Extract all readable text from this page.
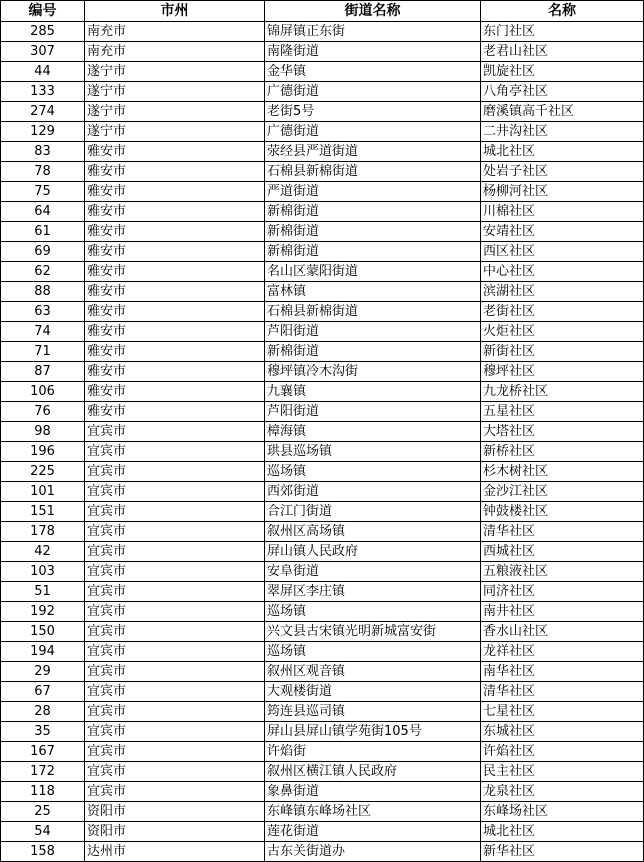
编号	市州	街道名称	名称
285	南充市	锦屏镇正东街	东门社区
307	南充市	南隆街道	老君山社区
44	遂宁市	金华镇	凯旋社区
133	遂宁市	广德街道	八角亭社区
274	遂宁市	老街5号	磨溪镇高千社区
129	遂宁市	广德街道	二井沟社区
83	雅安市	荥经县严道街道	城北社区
78	雅安市	石棉县新棉街道	处岩子社区
75	雅安市	严道街道	杨柳河社区
64	雅安市	新棉街道	川棉社区
61	雅安市	新棉街道	安靖社区
69	雅安市	新棉街道	西区社区
62	雅安市	名山区蒙阳街道	中心社区
88	雅安市	富林镇	滨湖社区
63	雅安市	石棉县新棉街道	老街社区
74	雅安市	芦阳街道	火炬社区
71	雅安市	新棉街道	新街社区
87	雅安市	穆坪镇冷木沟街	穆坪社区
106	雅安市	九襄镇	九龙桥社区
76	雅安市	芦阳街道	五星社区
98	宜宾市	樟海镇	大塔社区
196	宜宾市	珙县巡场镇	新桥社区
225	宜宾市	巡场镇	杉木树社区
101	宜宾市	西郊街道	金沙江社区
151	宜宾市	合江门街道	钟鼓楼社区
178	宜宾市	叙州区高场镇	清华社区
42	宜宾市	屏山镇人民政府	西城社区
103	宜宾市	安阜街道	五粮液社区
51	宜宾市	翠屏区李庄镇	同济社区
192	宜宾市	巡场镇	南井社区
150	宜宾市	兴文县古宋镇光明新城富安街	香水山社区
194	宜宾市	巡场镇	龙祥社区
29	宜宾市	叙州区观音镇	南华社区
67	宜宾市	大观楼街道	清华社区
28	宜宾市	筠连县巡司镇	七星社区
35	宜宾市	屏山县屏山镇学苑街105号	东城社区
167	宜宾市	许焰街	许焰社区
172	宜宾市	叙州区横江镇人民政府	民主社区
118	宜宾市	象鼻街道	龙泉社区
25	资阳市	东峰镇东峰场社区	东峰场社区
54	资阳市	莲花街道	城北社区
158	达州市	古东关街道办	新华社区
